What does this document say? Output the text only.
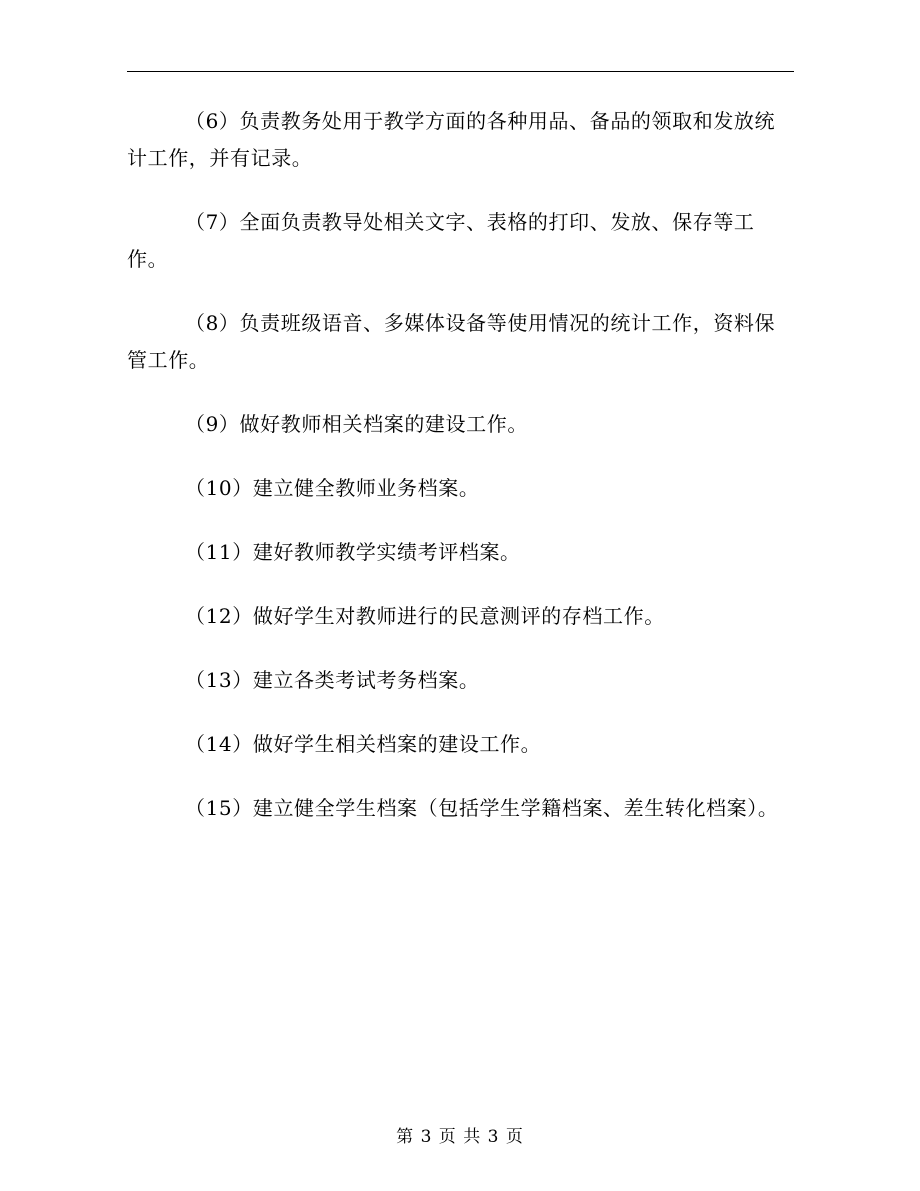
（6）负责教务处用于教学方面的各种用品、备品的领取和发放统计工作，并有记录。

（7）全面负责教导处相关文字、表格的打印、发放、保存等工作。

（8）负责班级语音、多媒体设备等使用情况的统计工作，资料保管工作。

（9）做好教师相关档案的建设工作。

（10）建立健全教师业务档案。

（11）建好教师教学实绩考评档案。

（12）做好学生对教师进行的民意测评的存档工作。

（13）建立各类考试考务档案。

（14）做好学生相关档案的建设工作。

（15）建立健全学生档案（包括学生学籍档案、差生转化档案）。

第 3 页 共 3 页
